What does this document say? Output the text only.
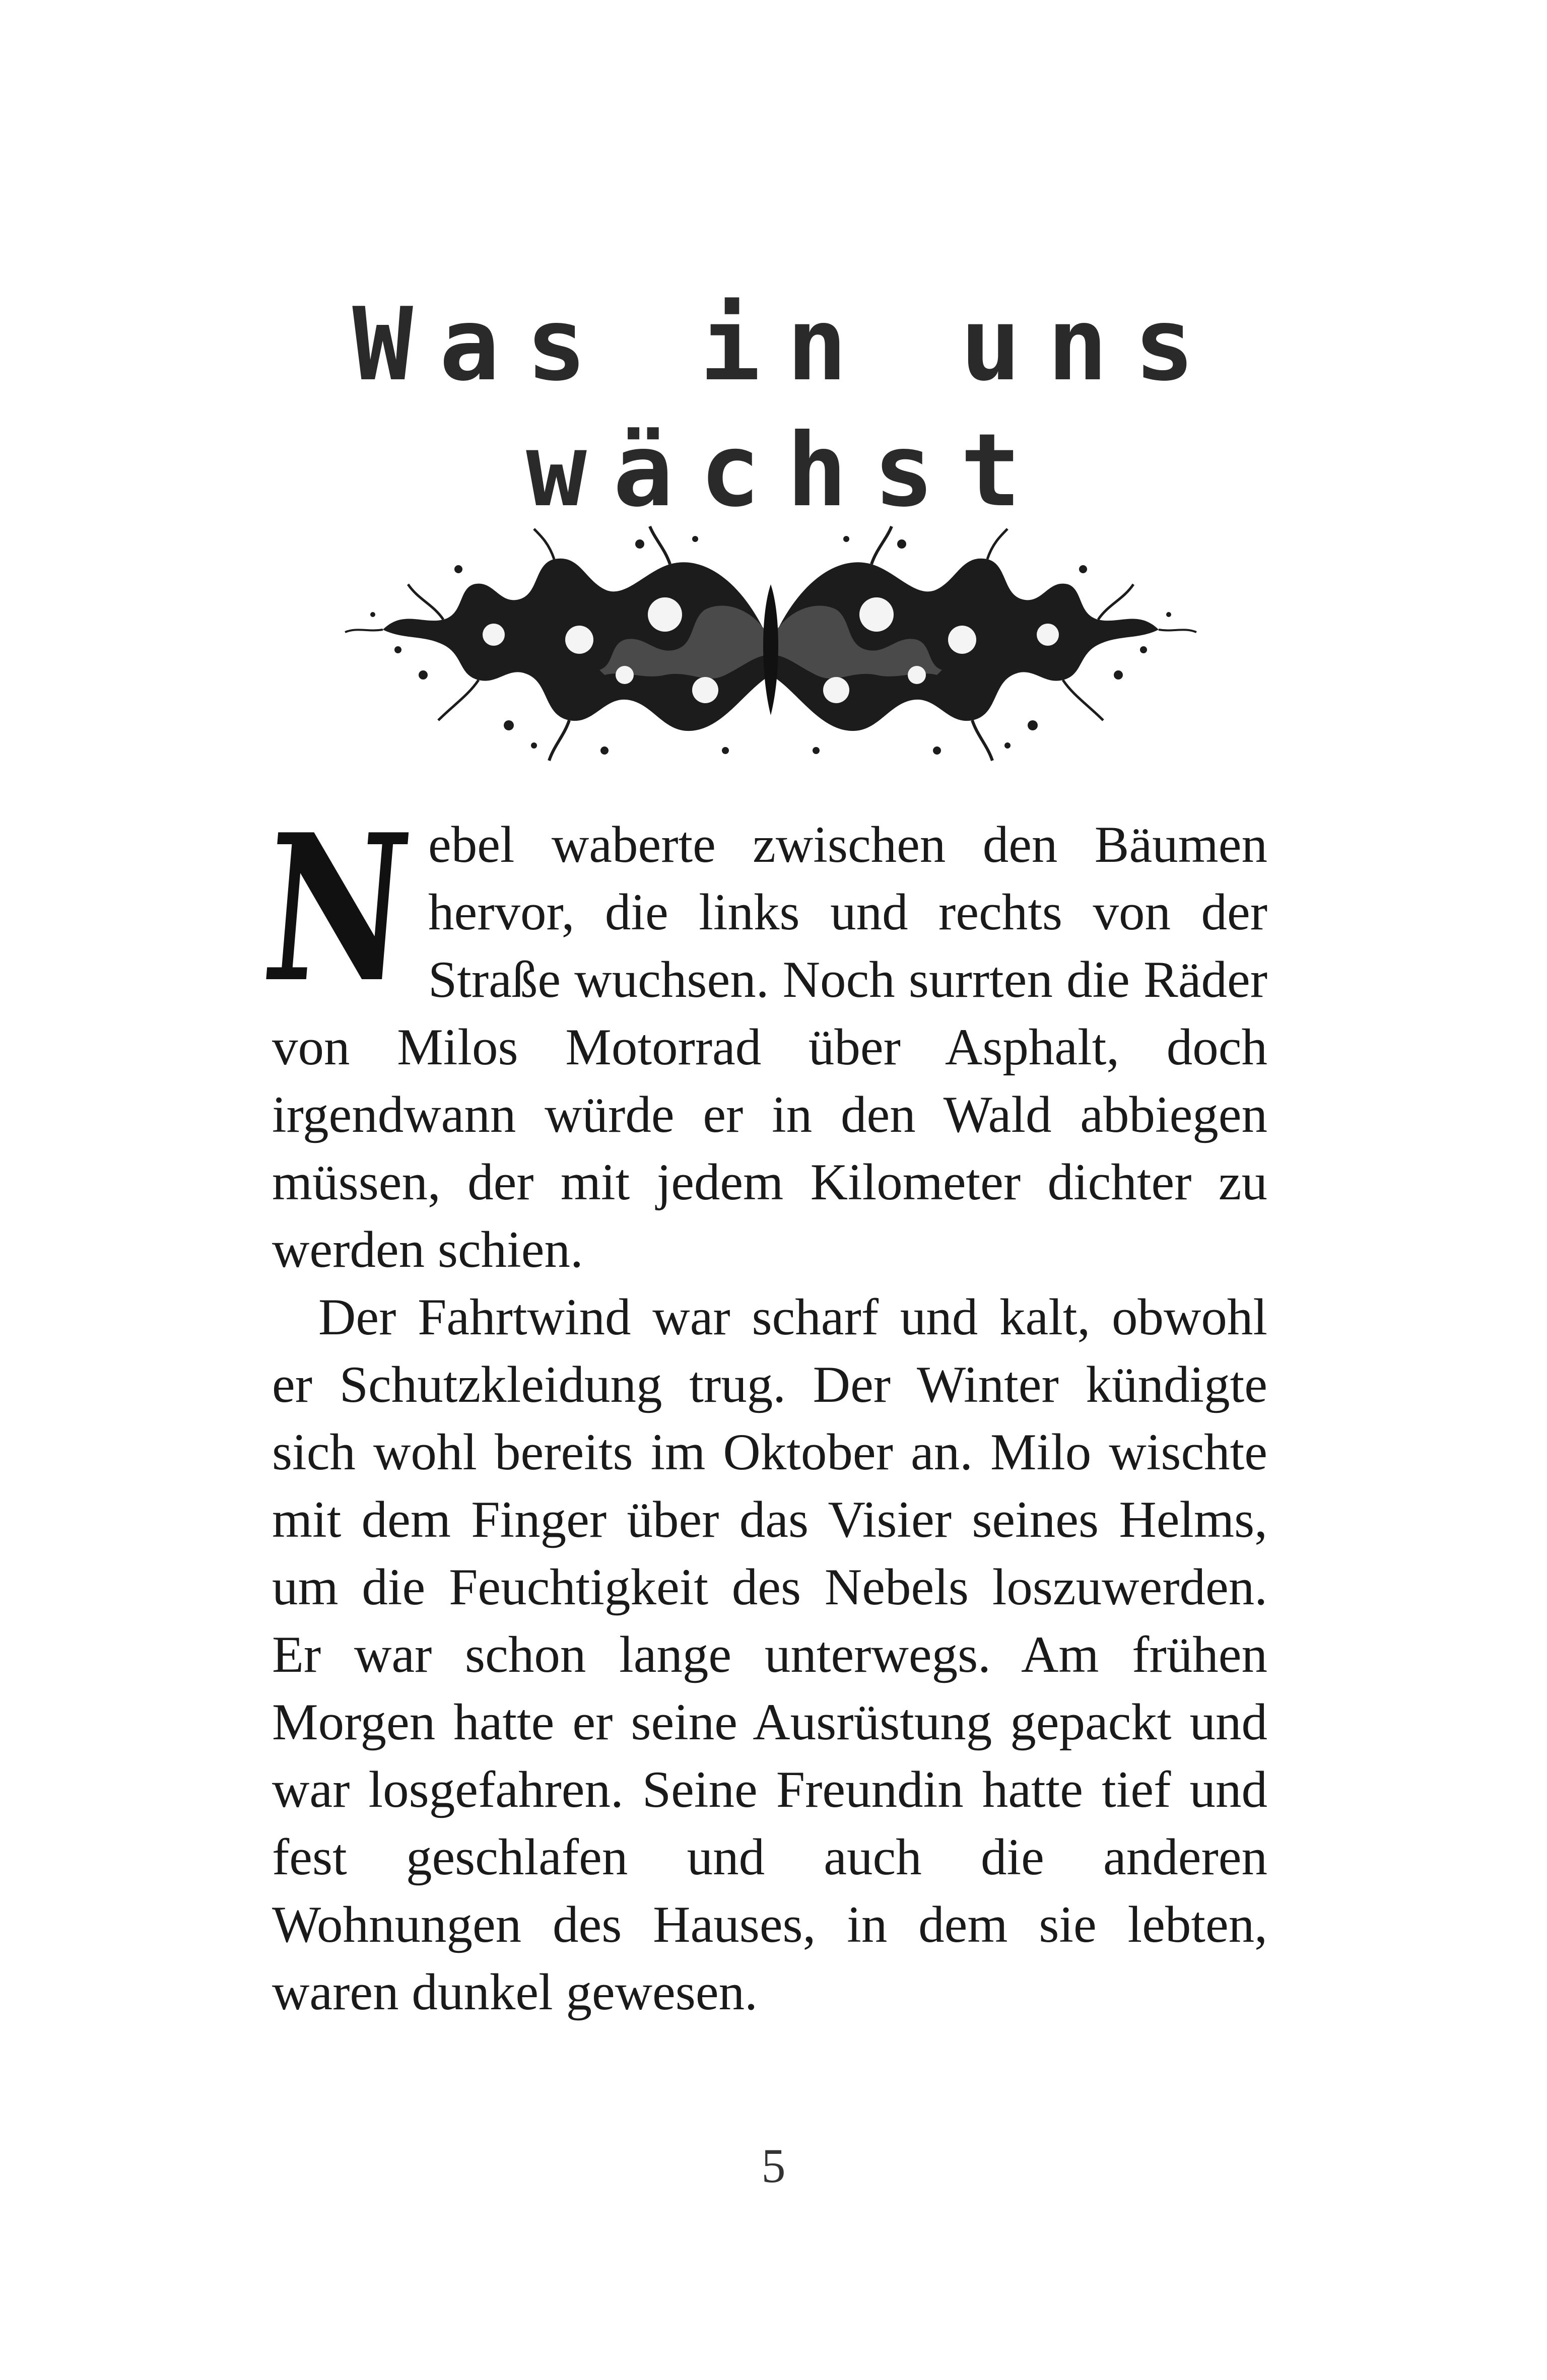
Was in uns
wächst

Nebel waberte zwischen den Bäumen hervor, die links und rechts von der Straße wuchsen. Noch surrten die Räder von Milos Motorrad über Asphalt, doch irgendwann würde er in den Wald abbiegen müssen, der mit jedem Kilometer dichter zu werden schien.

Der Fahrtwind war scharf und kalt, obwohl er Schutzkleidung trug. Der Winter kündigte sich wohl bereits im Oktober an. Milo wischte mit dem Finger über das Visier seines Helms, um die Feuchtigkeit des Nebels loszuwerden. Er war schon lange unterwegs. Am frühen Morgen hatte er seine Ausrüstung gepackt und war losgefahren. Seine Freundin hatte tief und fest geschlafen und auch die anderen Wohnungen des Hauses, in dem sie lebten, waren dunkel gewesen.

5
